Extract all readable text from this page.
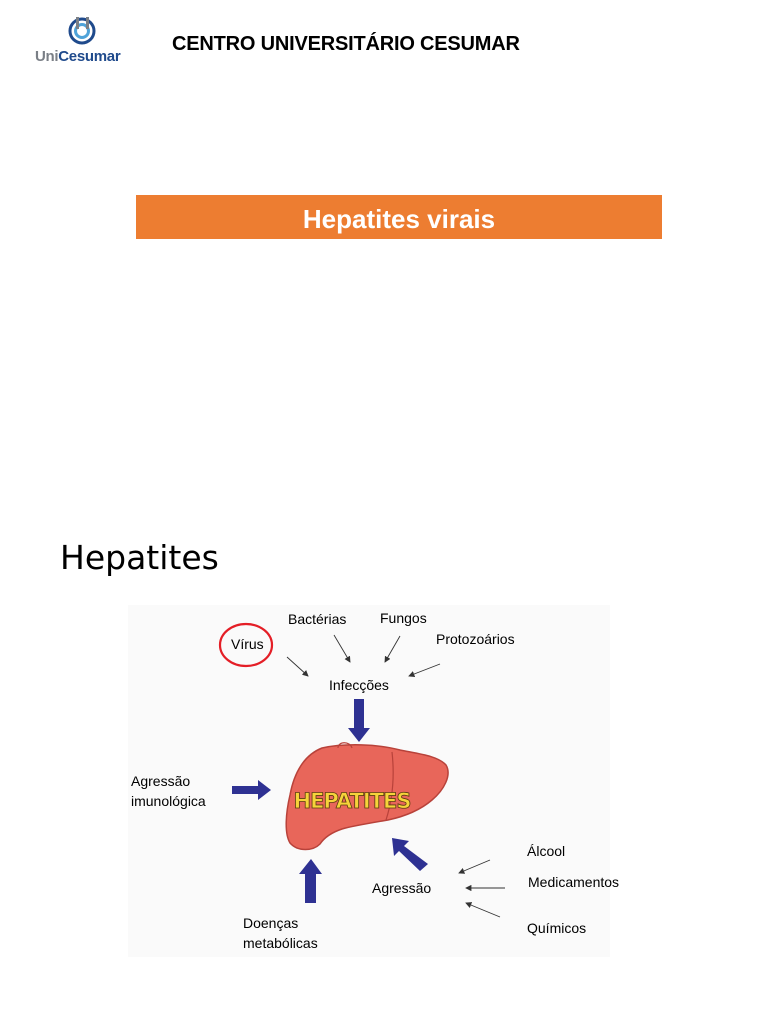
UniCesumar
CENTRO UNIVERSITÁRIO CESUMAR
Hepatites virais
Hepatites
HEPATITES
Bactérias Fungos
Protozoários
Vírus
Infecções
Agressão
imunológica
Álcool
Medicamentos
Agressão
Doenças
metabólicas
Químicos
